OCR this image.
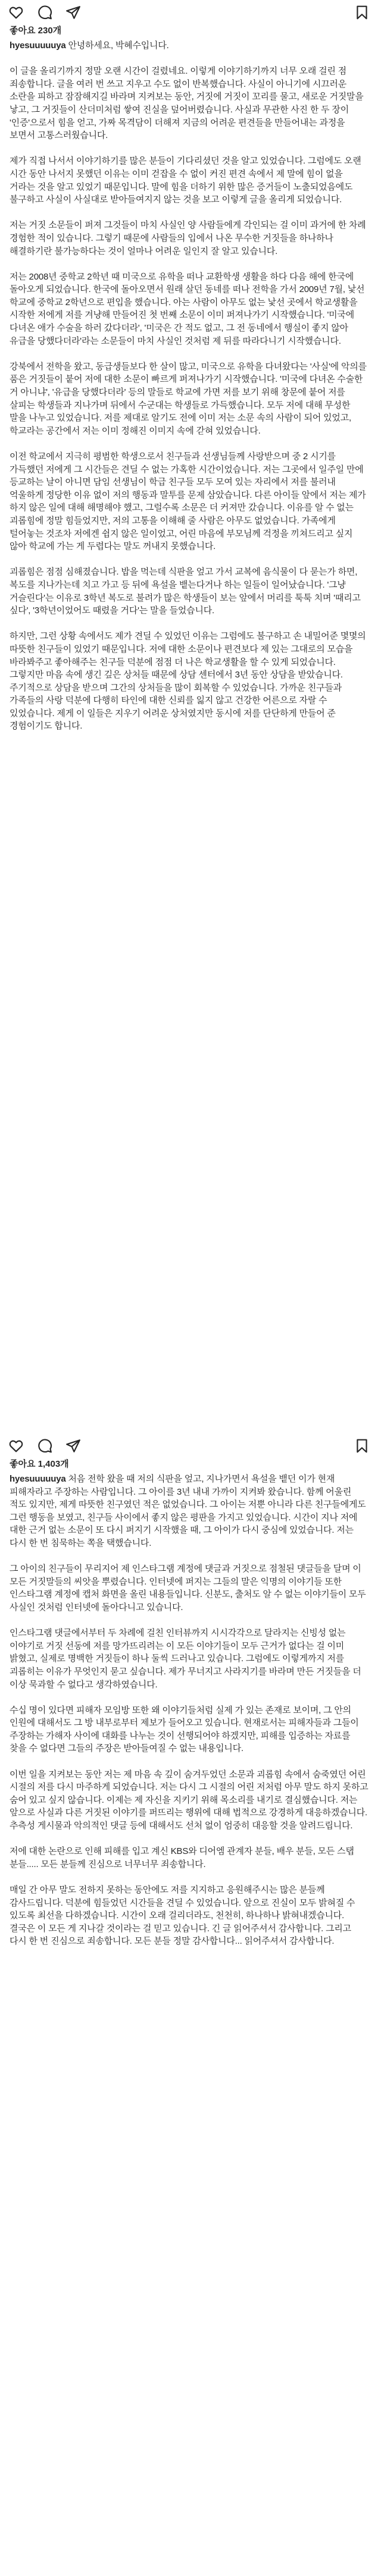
좋아요 230개

hyesuuuuuya 안녕하세요, 박혜수입니다.

이 글을 올리기까지 정말 오랜 시간이 걸렸네요. 이렇게 이야기하기까지 너무 오래 걸린 점 죄송합니다. 글을 여러 번 쓰고 지우고 수도 없이 반복했습니다. 사실이 아니기에 시끄러운 소란을 피하고 잠잠해지길 바라며 지켜보는 동안, 거짓에 거짓이 꼬리를 물고, 새로운 거짓말을 낳고, 그 거짓들이 산더미처럼 쌓여 진실을 덮어버렸습니다. 사실과 무관한 사진 한 두 장이 '인증'으로서 힘을 얻고, 가짜 목격담이 더해져 지금의 어려운 편견들을 만들어내는 과정을 보면서 고통스러웠습니다.

제가 직접 나서서 이야기하기를 많은 분들이 기다리셨던 것을 알고 있었습니다. 그럼에도 오랜 시간 동안 나서지 못했던 이유는 이미 걷잡을 수 없이 커진 편견 속에서 제 말에 힘이 없을 거라는 것을 알고 있었기 때문입니다. 말에 힘을 더하기 위한 많은 증거들이 노출되었음에도 불구하고 사실이 사실대로 받아들여지지 않는 것을 보고 이렇게 글을 올리게 되었습니다.

저는 거짓 소문들이 퍼져 그것들이 마치 사실인 양 사람들에게 각인되는 걸 이미 과거에 한 차례 경험한 적이 있습니다. 그렇기 때문에 사람들의 입에서 나온 무수한 거짓들을 하나하나 해결하기란 불가능하다는 것이 얼마나 어려운 일인지 잘 알고 있습니다.

저는 2008년 중학교 2학년 때 미국으로 유학을 떠나 교환학생 생활을 하다 다음 해에 한국에 돌아오게 되었습니다. 한국에 돌아오면서 원래 살던 동네를 떠나 전학을 가서 2009년 7월, 낯선 학교에 중학교 2학년으로 편입을 했습니다. 아는 사람이 아무도 없는 낯선 곳에서 학교생활을 시작한 저에게 저를 겨냥해 만들어진 첫 번째 소문이 이미 퍼져나가기 시작했습니다. '미국에 다녀온 애가 수술을 하러 갔다더라', '미국은 간 적도 없고, 그 전 동네에서 행실이 좋지 않아 유급을 당했다더라'라는 소문들이 마치 사실인 것처럼 제 뒤를 따라다니기 시작했습니다.

강북에서 전학을 왔고, 동급생들보다 한 살이 많고, 미국으로 유학을 다녀왔다는 '사실'에 악의를 품은 거짓들이 붙어 저에 대한 소문이 빠르게 퍼져나가기 시작했습니다. '미국에 다녀온 수술한 거 아니냐', '유급을 당했다더라' 등의 말들로 학교에 가면 저를 보기 위해 창문에 붙어 저를 살피는 학생들과 지나가며 뒤에서 수군대는 학생들로 가득했습니다. 모두 저에 대해 무성한 말을 나누고 있었습니다. 저를 제대로 알기도 전에 이미 저는 소문 속의 사람이 되어 있었고, 학교라는 공간에서 저는 이미 정해진 이미지 속에 갇혀 있었습니다.

이전 학교에서 지극히 평범한 학생으로서 친구들과 선생님들께 사랑받으며 중 2 시기를 가득했던 저에게 그 시간들은 견딜 수 없는 가혹한 시간이었습니다. 저는 그곳에서 일주일 만에 등교하는 날이 아니면 담임 선생님이 학급 친구들 모두 모여 있는 자리에서 저를 불러내 억울하게 정당한 이유 없이 저의 행동과 말투를 문제 삼았습니다. 다른 아이들 앞에서 저는 제가 하지 않은 일에 대해 해명해야 했고, 그럴수록 소문은 더 커져만 갔습니다. 이유를 알 수 없는 괴롭힘에 정말 힘들었지만, 저의 고통을 이해해 줄 사람은 아무도 없었습니다. 가족에게 털어놓는 것조차 저에겐 쉽지 않은 일이었고, 어린 마음에 부모님께 걱정을 끼쳐드리고 싶지 않아 학교에 가는 게 두렵다는 말도 꺼내지 못했습니다.

괴롭힘은 점점 심해졌습니다. 밥을 먹는데 식판을 엎고 가서 교복에 음식물이 다 묻는가 하면, 복도를 지나가는데 치고 가고 등 뒤에 욕설을 뱉는다거나 하는 일들이 일어났습니다. '그냥 거슬린다'는 이유로 3학년 복도로 불려가 많은 학생들이 보는 앞에서 머리를 툭툭 치며 '때리고 싶다', '3학년이었어도 때렸을 거다'는 말을 들었습니다.

하지만, 그런 상황 속에서도 제가 견딜 수 있었던 이유는 그럼에도 불구하고 손 내밀어준 몇몇의 따뜻한 친구들이 있었기 때문입니다. 저에 대한 소문이나 편견보다 제 있는 그대로의 모습을 바라봐주고 좋아해주는 친구들 덕분에 점점 더 나은 학교생활을 할 수 있게 되었습니다. 그렇지만 마음 속에 생긴 깊은 상처들 때문에 상담 센터에서 3년 동안 상담을 받았습니다. 주기적으로 상담을 받으며 그간의 상처들을 많이 회복할 수 있었습니다. 가까운 친구들과 가족들의 사랑 덕분에 다행히 타인에 대한 신뢰를 잃지 않고 건강한 어른으로 자랄 수 있었습니다. 제게 이 일들은 지우기 어려운 상처였지만 동시에 저를 단단하게 만들어 준 경험이기도 합니다.

좋아요 1,403개

hyesuuuuuya 처음 전학 왔을 때 저의 식판을 엎고, 지나가면서 욕설을 뱉던 이가 현재 피해자라고 주장하는 사람입니다. 그 아이를 3년 내내 가까이 지켜봐 왔습니다. 함께 어울린 적도 있지만, 제게 따뜻한 친구였던 적은 없었습니다. 그 아이는 저뿐 아니라 다른 친구들에게도 그런 행동을 보였고, 친구들 사이에서 좋지 않은 평판을 가지고 있었습니다. 시간이 지나 저에 대한 근거 없는 소문이 또 다시 퍼지기 시작했을 때, 그 아이가 다시 중심에 있었습니다. 저는 다시 한 번 침묵하는 쪽을 택했습니다.

그 아이의 친구들이 무리지어 제 인스타그램 계정에 댓글과 거짓으로 점철된 댓글들을 달며 이 모든 거짓말들의 씨앗을 뿌렸습니다. 인터넷에 퍼지는 그들의 말은 익명의 이야기들 또한 인스타그램 계정에 캡처 화면을 올린 내용들입니다. 신분도, 출처도 알 수 없는 이야기들이 모두 사실인 것처럼 인터넷에 돌아다니고 있습니다.

인스타그램 댓글에서부터 두 차례에 걸친 인터뷰까지 시시각각으로 달라지는 신빙성 없는 이야기로 거짓 선동에 저를 망가뜨리려는 이 모든 이야기들이 모두 근거가 없다는 걸 이미 밝혔고, 실제로 명백한 거짓들이 하나 둘씩 드러나고 있습니다. 그럼에도 이렇게까지 저를 괴롭히는 이유가 무엇인지 묻고 싶습니다. 제가 무너지고 사라지기를 바라며 만든 거짓들을 더 이상 묵과할 수 없다고 생각하였습니다.

수십 명이 있다면 피해자 모임방 또한 왜 이야기들처럼 실제 가 있는 존재로 보이며, 그 안의 인원에 대해서도 그 방 내부로부터 제보가 들어오고 있습니다. 현재로서는 피해자들과 그들이 주장하는 가해자 사이에 대화를 나누는 것이 선행되어야 하겠지만, 피해를 입증하는 자료를 찾을 수 없다면 그들의 주장은 받아들여질 수 없는 내용입니다.

이번 일을 지켜보는 동안 저는 제 마음 속 깊이 숨겨두었던 소문과 괴롭힘 속에서 숨죽였던 어린 시절의 저를 다시 마주하게 되었습니다. 저는 다시 그 시절의 어린 저처럼 아무 말도 하지 못하고 숨어 있고 싶지 않습니다. 이제는 제 자신을 지키기 위해 목소리를 내기로 결심했습니다. 저는 앞으로 사실과 다른 거짓된 이야기를 퍼뜨리는 행위에 대해 법적으로 강경하게 대응하겠습니다. 추측성 게시물과 악의적인 댓글 등에 대해서도 선처 없이 엄중히 대응할 것을 알려드립니다.

저에 대한 논란으로 인해 피해를 입고 계신 KBS와 디어엠 관계자 분들, 배우 분들, 모든 스탭 분들..... 모든 분들께 진심으로 너무너무 죄송합니다.

매일 간 아무 말도 전하지 못하는 동안에도 저를 지지하고 응원해주시는 많은 분들께 감사드립니다. 덕분에 힘들었던 시간들을 견딜 수 있었습니다. 앞으로 진실이 모두 밝혀질 수 있도록 최선을 다하겠습니다. 시간이 오래 걸리더라도, 천천히, 하나하나 밝혀내겠습니다. 결국은 이 모든 게 지나갈 것이라는 걸 믿고 있습니다. 긴 글 읽어주셔서 감사합니다. 그리고 다시 한 번 진심으로 죄송합니다. 모든 분들 정말 감사합니다... 읽어주셔서 감사합니다.
